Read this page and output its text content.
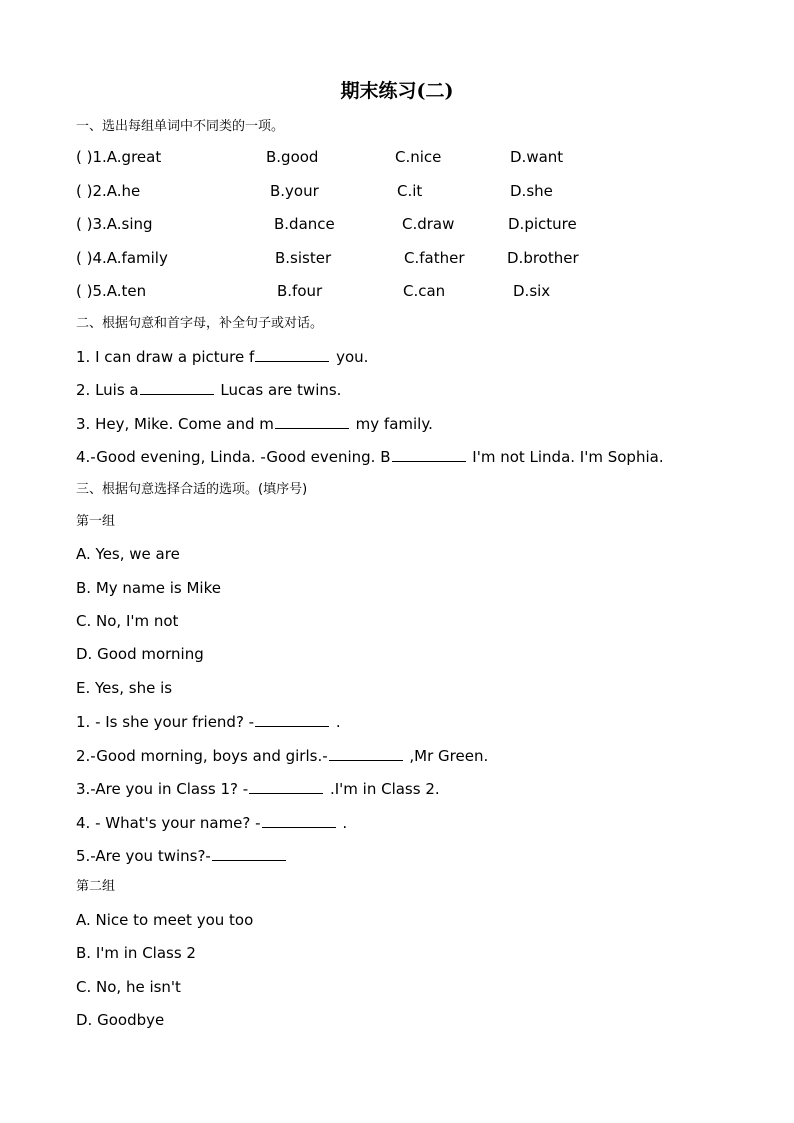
期末练习(二)
一、选出每组单词中不同类的一项。
( )1.A.great	B.good	C.nice	D.want
( )2.A.he	B.your	C.it	D.she
( )3.A.sing	B.dance	C.draw	D.picture
( )4.A.family	B.sister	C.father	D.brother
( )5.A.ten	B.four	C.can	D.six
二、根据句意和首字母，补全句子或对话。
1. I can draw a picture f	you.
2. Luis a	Lucas are twins.
3. Hey, Mike. Come and m	my family.
4.-Good evening, Linda. -Good evening. B	I'm not Linda. I'm Sophia.
三、根据句意选择合适的选项。(填序号)
第一组
A. Yes, we are
B. My name is Mike
C. No, I'm not
D. Good morning
E. Yes, she is
1. - Is she your friend? -	.
2.-Good morning, boys and girls.-	,Mr Green.
3.-Are you in Class 1? -	.I'm in Class 2.
4. - What's your name? -	.
5.-Are you twins?-
第二组
A. Nice to meet you too
B. I'm in Class 2
C. No, he isn't
D. Goodbye
